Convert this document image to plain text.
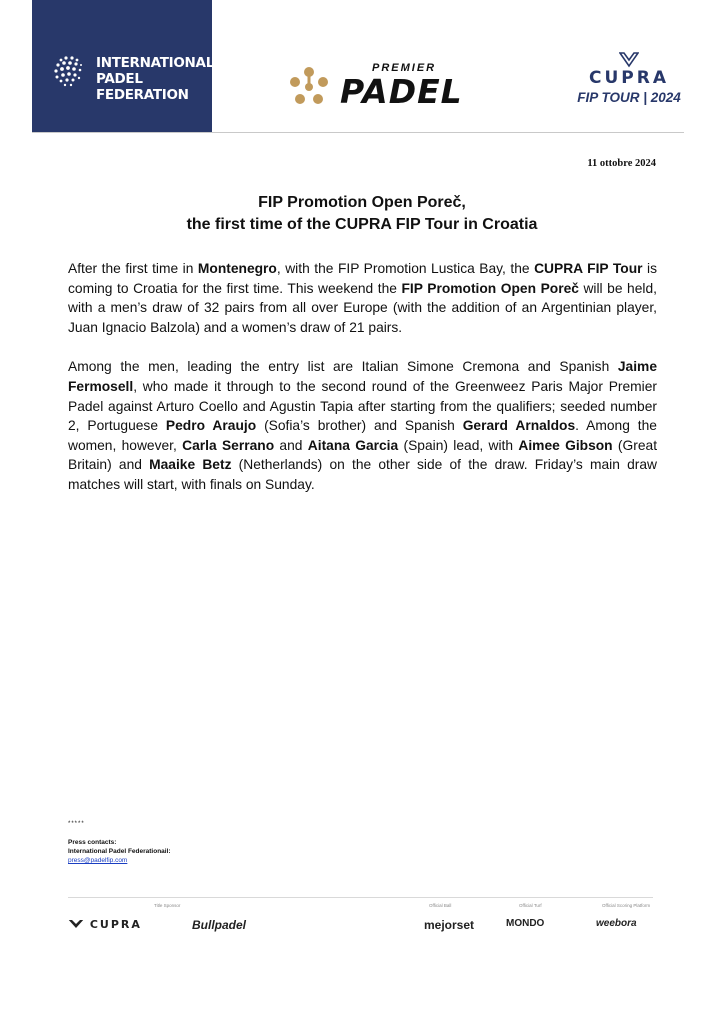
INTERNATIONAL
PADEL
FEDERATION
PREMIER
PADEL	CUPRA
FIP TOUR | 2024
11 ottobre 2024
FIP Promotion Open Poreč,
the first time of the CUPRA FIP Tour in Croatia

After the first time in Montenegro, with the FIP Promotion Lustica Bay, the CUPRA FIP Tour is coming to Croatia for the first time. This weekend the FIP Promotion Open Poreč will be held, with a men’s draw of 32 pairs from all over Europe (with the addition of an Argentinian player, Juan Ignacio Balzola) and a women’s draw of 21 pairs.

Among the men, leading the entry list are Italian Simone Cremona and Spanish Jaime Fermosell, who made it through to the second round of the Greenweez Paris Major Premier Padel against Arturo Coello and Agustin Tapia after starting from the qualifiers; seeded number 2, Portuguese Pedro Araujo (Sofia’s brother) and Spanish Gerard Arnaldos. Among the women, however, Carla Serrano and Aitana Garcia (Spain) lead, with Aimee Gibson (Great Britain) and Maaike Betz (Netherlands) on the other side of the draw. Friday’s main draw matches will start, with finals on Sunday.

*****
Press contacts:
International Padel Federationail:
press@padelfip.com
Title Sponsor
CUPRA	Bullpadel
Official Ball
mejorset
Official Turf
MONDO
Official Scoring Platform
weebora
